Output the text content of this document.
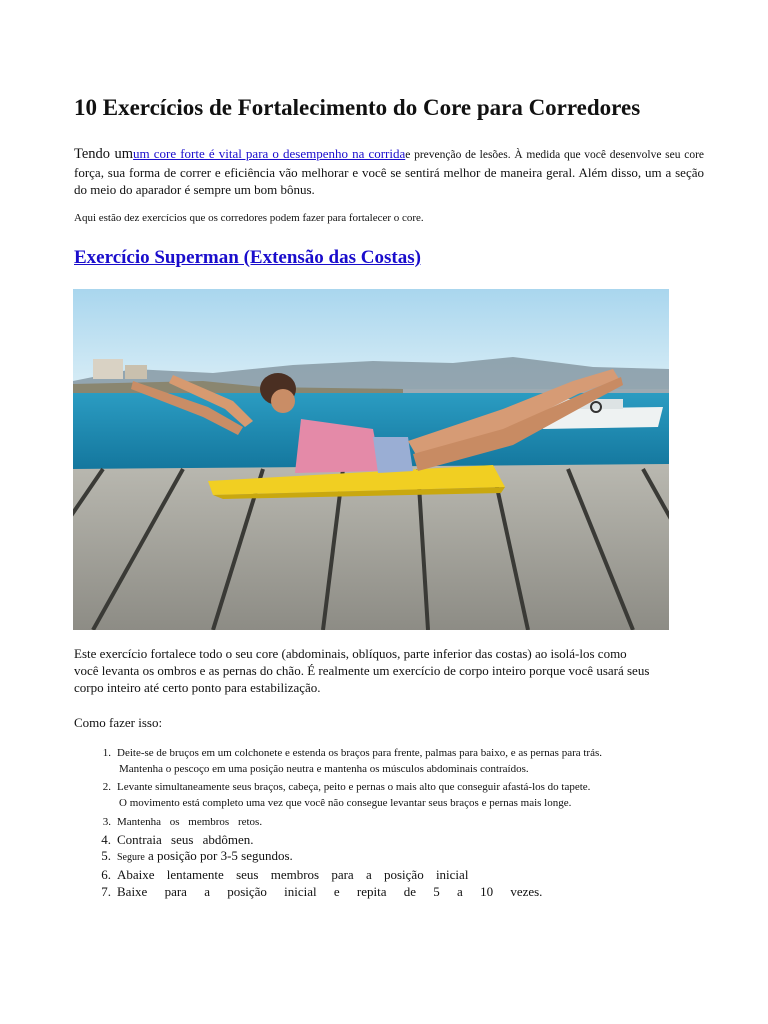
10 Exercícios de Fortalecimento do Core para Corredores

Tendo umum core forte é vital para o desempenho na corridae prevenção de lesões. À medida que você desenvolve seu core força, sua forma de correr e eficiência vão melhorar e você se sentirá melhor de maneira geral. Além disso, um a seção do meio do aparador é sempre um bom bônus.

Aqui estão dez exercícios que os corredores podem fazer para fortalecer o core.

Exercício Superman (Extensão das Costas)

Este exercício fortalece todo o seu core (abdominais, oblíquos, parte inferior das costas) ao isolá-los como
você levanta os ombros e as pernas do chão. É realmente um exercício de corpo inteiro porque você usará seus
corpo inteiro até certo ponto para estabilização.

Como fazer isso:

1. Deite-se de bruços em um colchonete e estenda os braços para frente, palmas para baixo, e as pernas para trás.
Mantenha o pescoço em uma posição neutra e mantenha os músculos abdominais contraídos.
2. Levante simultaneamente seus braços, cabeça, peito e pernas o mais alto que conseguir afastá-los do tapete.
O movimento está completo uma vez que você não consegue levantar seus braços e pernas mais longe.
3. Mantenha os membros retos.
4. Contraia seus abdômen.
5. Segure a posição por 3-5 segundos.
6. Abaixe lentamente seus membros para a posição inicial
7. Baixe para a posição inicial e repita de 5 a 10 vezes.
